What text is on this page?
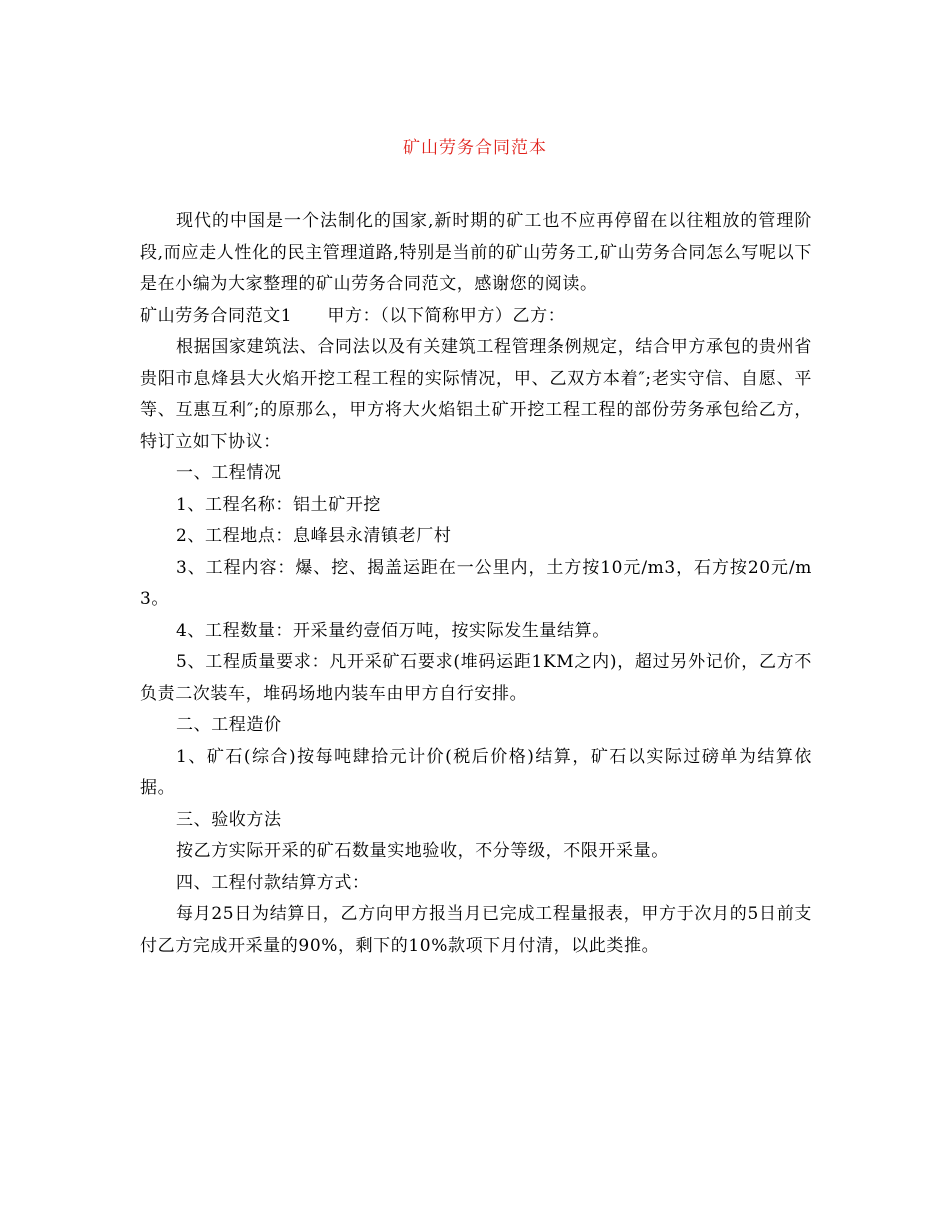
矿山劳务合同范本

现代的中国是一个法制化的国家,新时期的矿工也不应再停留在以往粗放的管理阶段,而应走人性化的民主管理道路,特别是当前的矿山劳务工,矿山劳务合同怎么写呢以下是在小编为大家整理的矿山劳务合同范文，感谢您的阅读。

矿山劳务合同范文1　　甲方：（以下简称甲方）乙方：

根据国家建筑法、合同法以及有关建筑工程管理条例规定，结合甲方承包的贵州省贵阳市息烽县大火焰开挖工程工程的实际情况，甲、乙双方本着″;老实守信、自愿、平等、互惠互利″;的原那么，甲方将大火焰铝土矿开挖工程工程的部份劳务承包给乙方，特订立如下协议：

一、工程情况

1、工程名称：铝土矿开挖

2、工程地点：息峰县永清镇老厂村

3、工程内容：爆、挖、揭盖运距在一公里内，土方按10元/m3，石方按20元/m3。

4、工程数量：开采量约壹佰万吨，按实际发生量结算。

5、工程质量要求：凡开采矿石要求(堆码运距1KM之内)，超过另外记价，乙方不负责二次装车，堆码场地内装车由甲方自行安排。

二、工程造价

1、矿石(综合)按每吨肆拾元计价(税后价格)结算，矿石以实际过磅单为结算依据。

三、验收方法

按乙方实际开采的矿石数量实地验收，不分等级，不限开采量。

四、工程付款结算方式：

每月25日为结算日，乙方向甲方报当月已完成工程量报表，甲方于次月的5日前支付乙方完成开采量的90%，剩下的10%款项下月付清，以此类推。
